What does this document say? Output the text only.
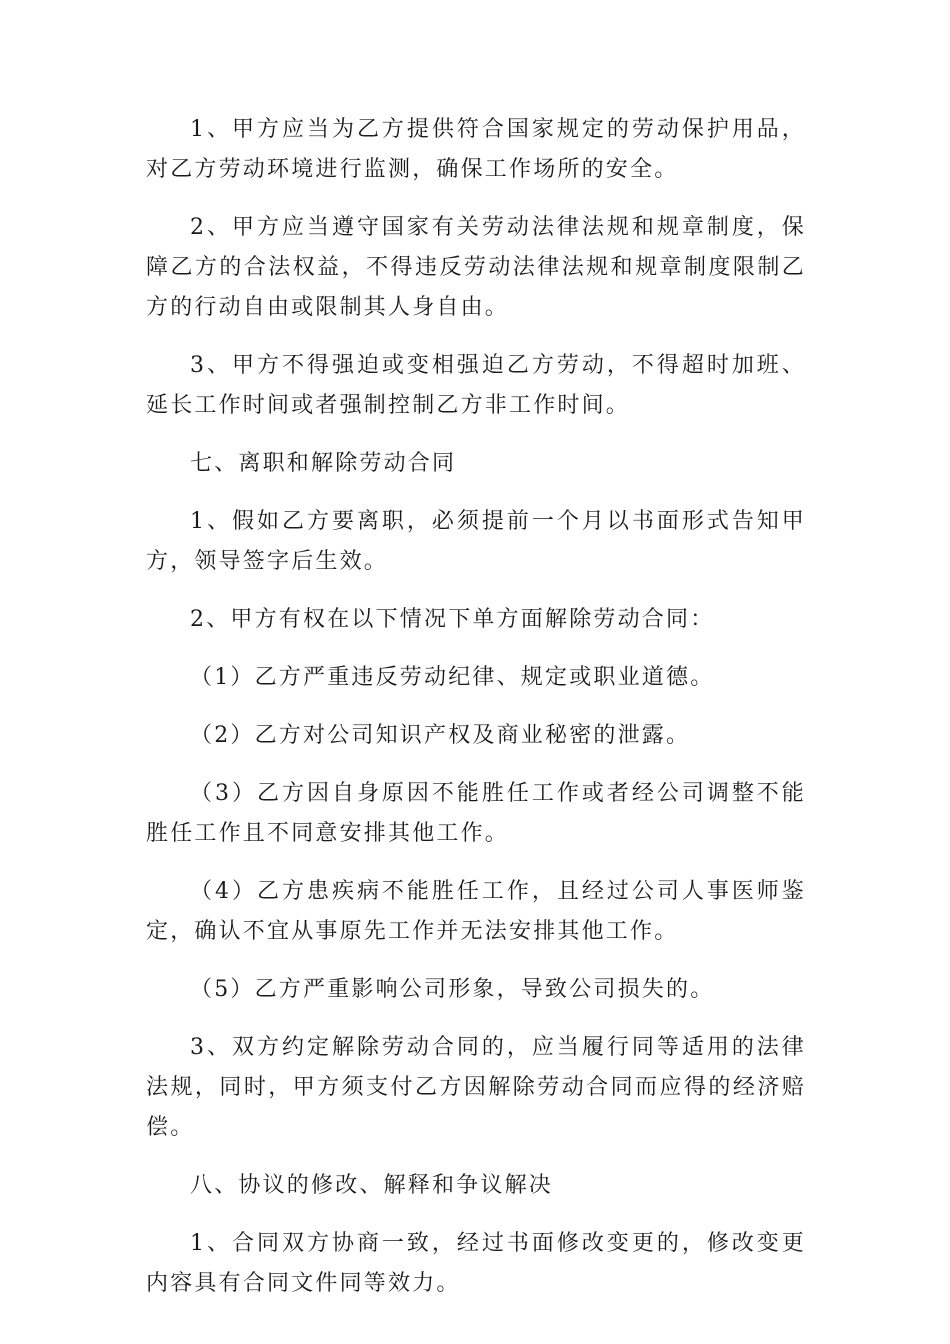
1、甲方应当为乙方提供符合国家规定的劳动保护用品，对乙方劳动环境进行监测，确保工作场所的安全。

2、甲方应当遵守国家有关劳动法律法规和规章制度，保障乙方的合法权益，不得违反劳动法律法规和规章制度限制乙方的行动自由或限制其人身自由。

3、甲方不得强迫或变相强迫乙方劳动，不得超时加班、延长工作时间或者强制控制乙方非工作时间。

七、离职和解除劳动合同

1、假如乙方要离职，必须提前一个月以书面形式告知甲方，领导签字后生效。

2、甲方有权在以下情况下单方面解除劳动合同：

（1）乙方严重违反劳动纪律、规定或职业道德。

（2）乙方对公司知识产权及商业秘密的泄露。

（3）乙方因自身原因不能胜任工作或者经公司调整不能胜任工作且不同意安排其他工作。

（4）乙方患疾病不能胜任工作，且经过公司人事医师鉴定，确认不宜从事原先工作并无法安排其他工作。

（5）乙方严重影响公司形象，导致公司损失的。

3、双方约定解除劳动合同的，应当履行同等适用的法律法规，同时，甲方须支付乙方因解除劳动合同而应得的经济赔偿。

八、协议的修改、解释和争议解决

1、合同双方协商一致，经过书面修改变更的，修改变更内容具有合同文件同等效力。
